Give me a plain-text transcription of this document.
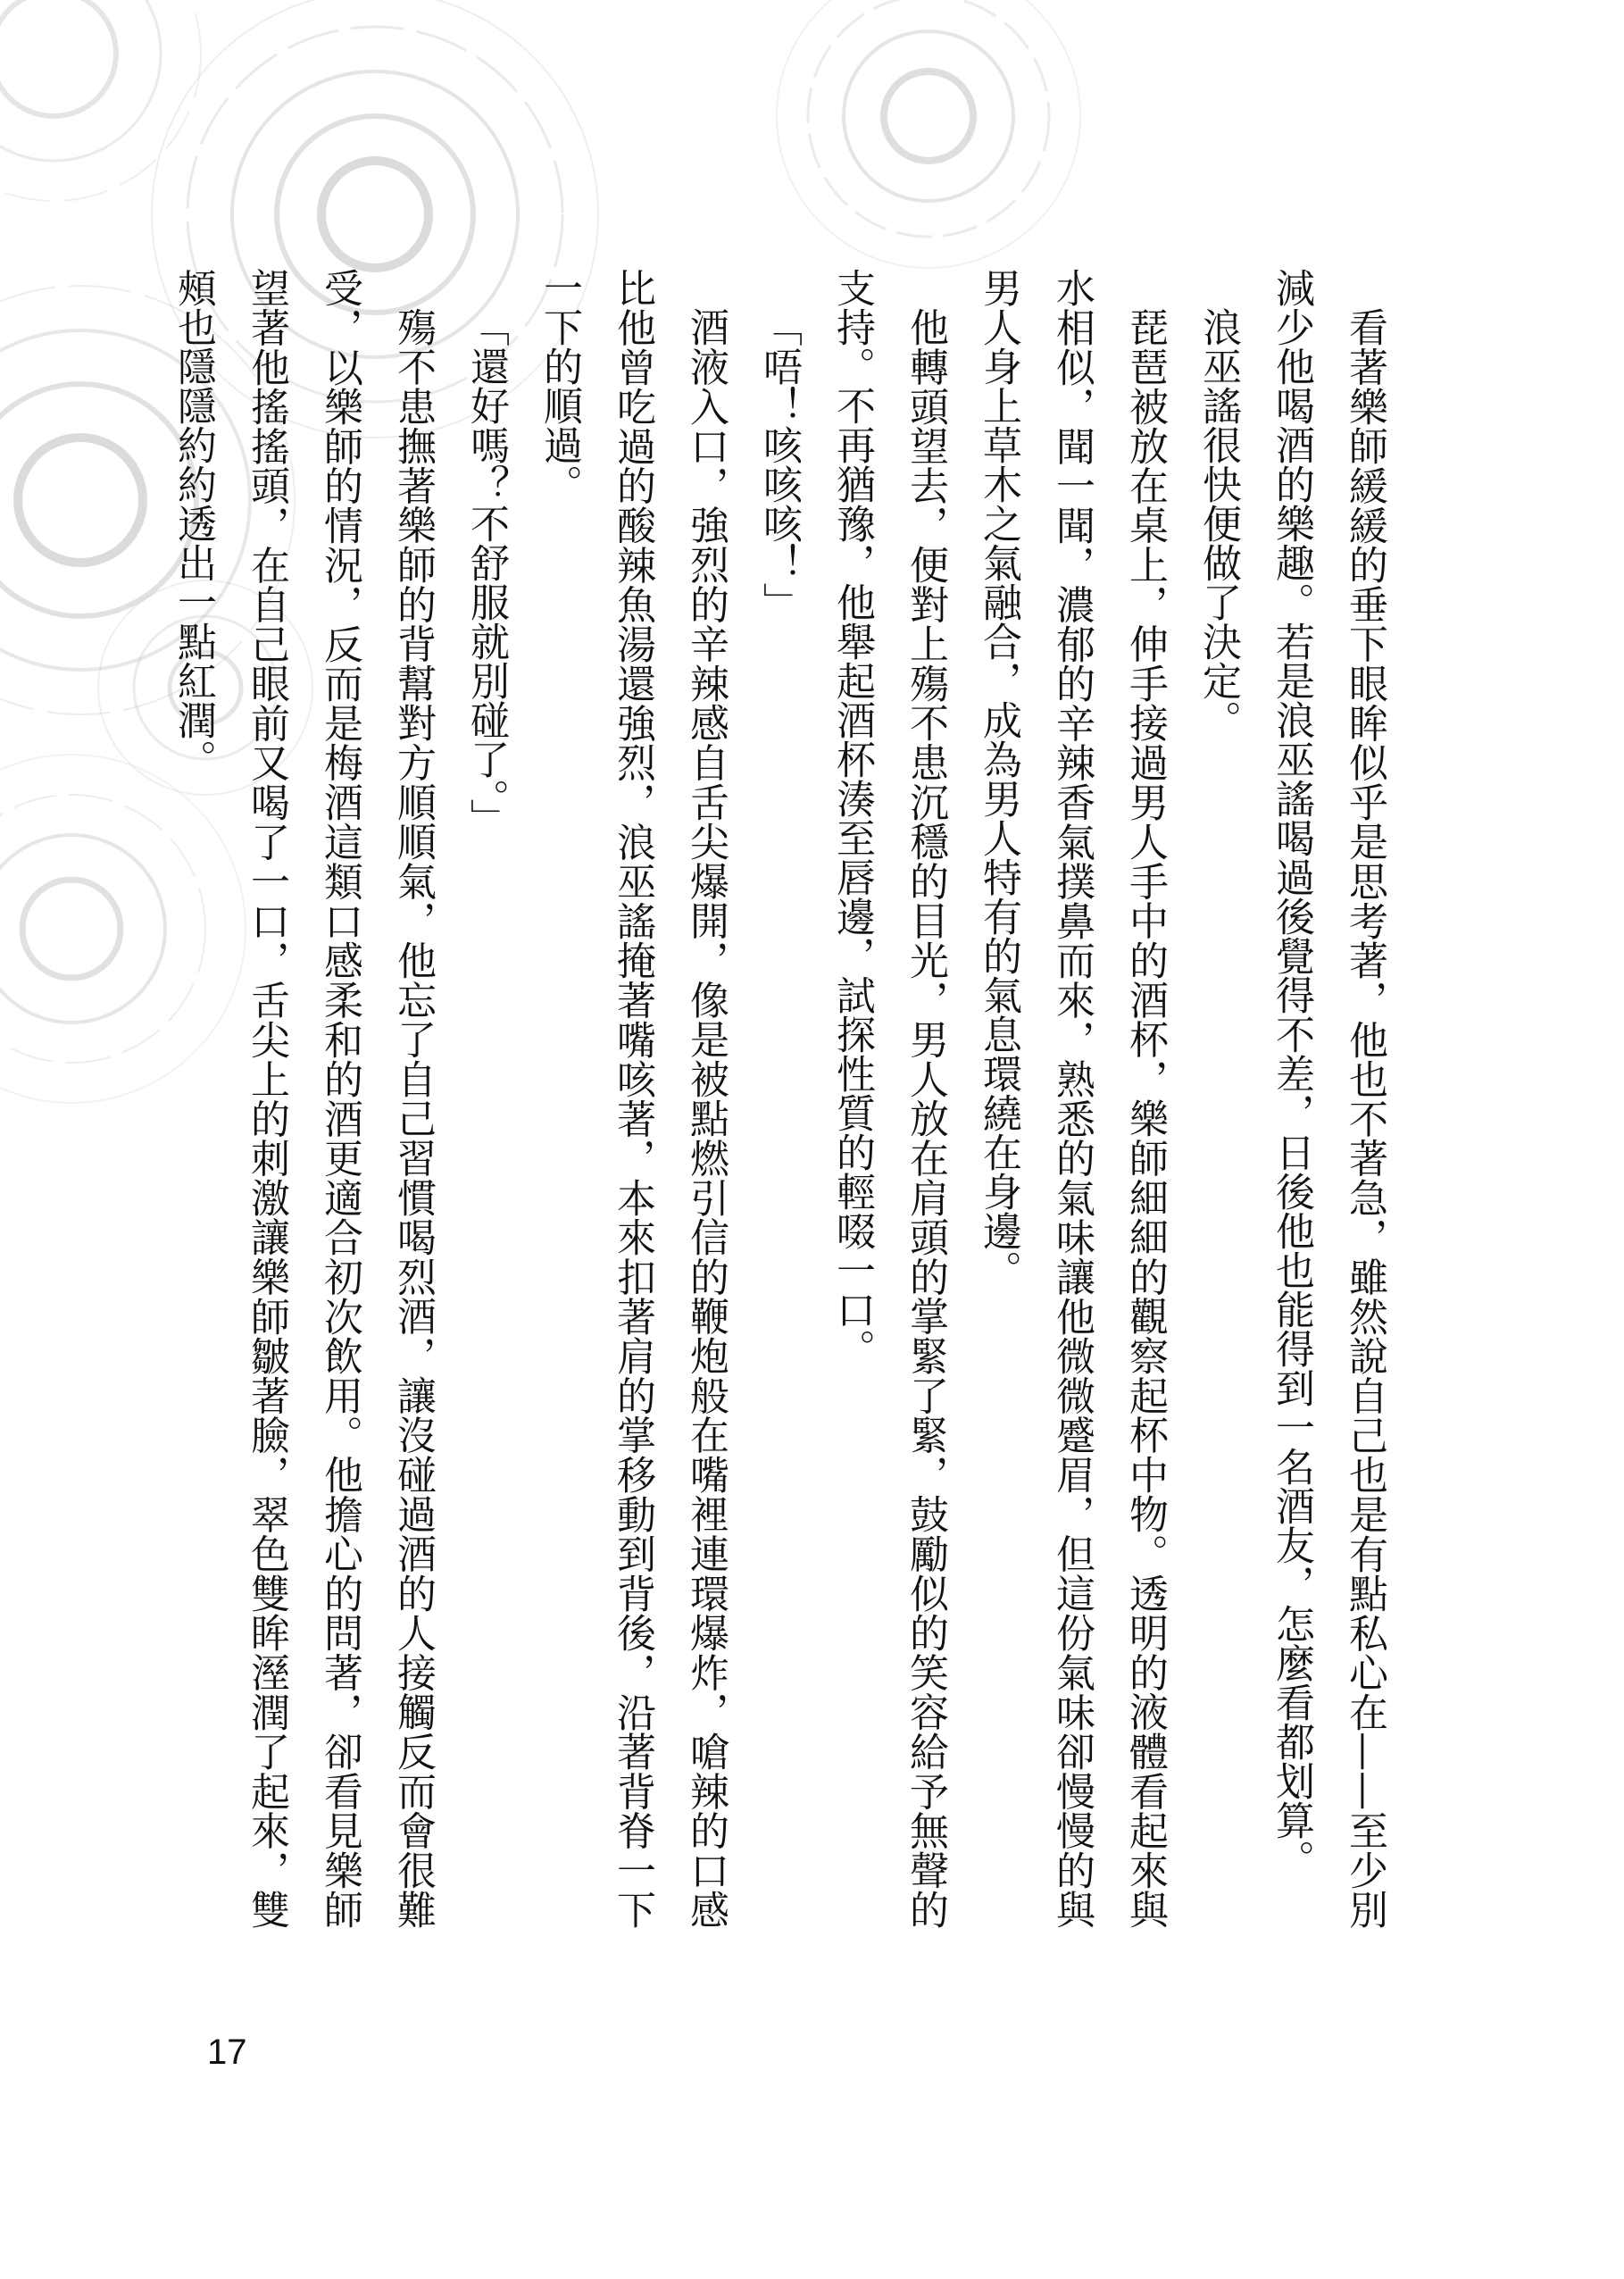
看著樂師緩緩的垂下眼眸似乎是思考著，他也不著急，雖然說自己也是有點私心在——至少別減少他喝酒的樂趣。若是浪巫謠喝過後覺得不差，日後他也能得到一名酒友，怎麼看都划算。

浪巫謠很快便做了決定。

琵琶被放在桌上，伸手接過男人手中的酒杯，樂師細細的觀察起杯中物。透明的液體看起來與水相似，聞一聞，濃郁的辛辣香氣撲鼻而來，熟悉的氣味讓他微微蹙眉，但這份氣味卻慢慢的與男人身上草木之氣融合，成為男人特有的氣息環繞在身邊。

他轉頭望去，便對上殤不患沉穩的目光，男人放在肩頭的掌緊了緊，鼓勵似的笑容給予無聲的支持。不再猶豫，他舉起酒杯湊至唇邊，試探性質的輕啜一口。

「唔！咳咳咳！」

酒液入口，強烈的辛辣感自舌尖爆開，像是被點燃引信的鞭炮般在嘴裡連環爆炸，嗆辣的口感比他曾吃過的酸辣魚湯還強烈，浪巫謠掩著嘴咳著，本來扣著肩的掌移動到背後，沿著背脊一下一下的順過。

「還好嗎？不舒服就別碰了。」

殤不患撫著樂師的背幫對方順順氣，他忘了自己習慣喝烈酒，讓沒碰過酒的人接觸反而會很難受，以樂師的情況，反而是梅酒這類口感柔和的酒更適合初次飲用。他擔心的問著，卻看見樂師望著他搖搖頭，在自己眼前又喝了一口，舌尖上的刺激讓樂師皺著臉，翠色雙眸溼潤了起來，雙頰也隱隱約約透出一點紅潤。

17
